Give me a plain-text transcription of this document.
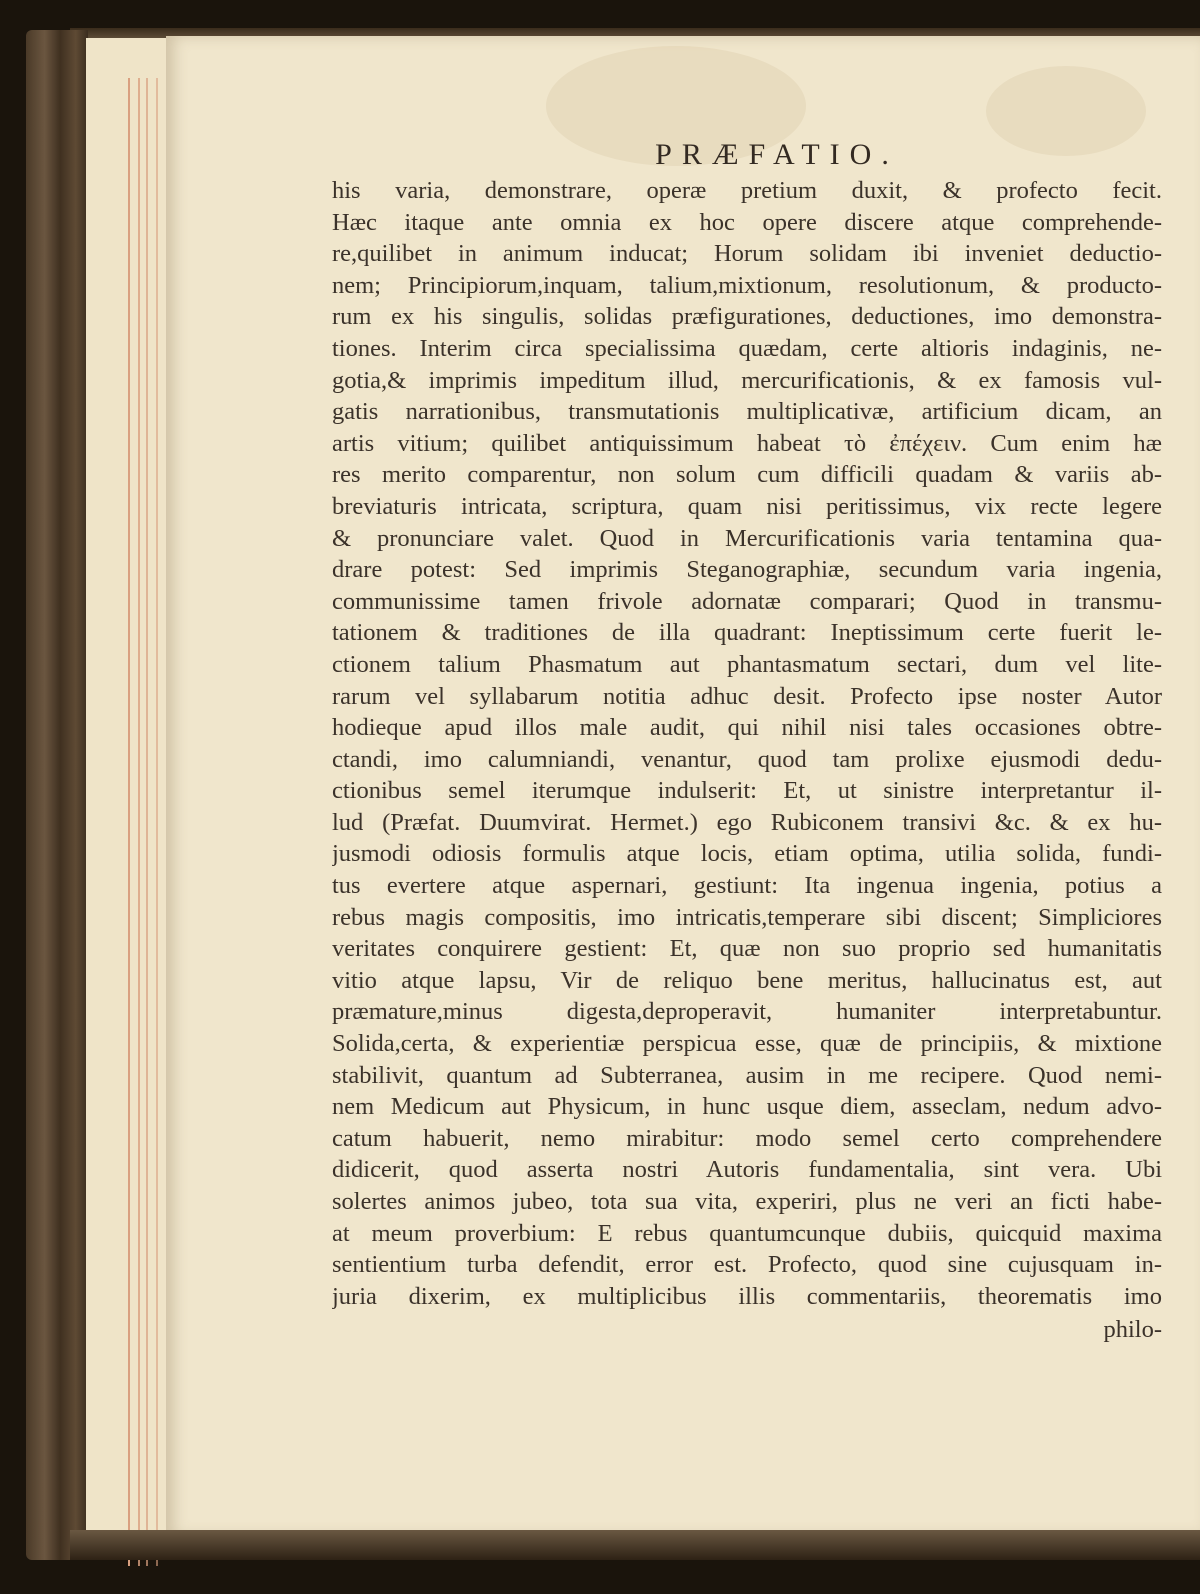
PRÆFATIO.
his varia, demonstrare, operæ pretium duxit, & profecto fecit.
Hæc itaque ante omnia ex hoc opere discere atque comprehende-
re,quilibet in animum inducat; Horum solidam ibi inveniet deductio-
nem; Principiorum,inquam, talium,mixtionum, resolutionum, & producto-
rum ex his singulis, solidas præfigurationes, deductiones, imo demonstra-
tiones. Interim circa specialissima quædam, certe altioris indaginis, ne-
gotia,& imprimis impeditum illud, mercurificationis, & ex famosis vul-
gatis narrationibus, transmutationis multiplicativæ, artificium dicam, an
artis vitium; quilibet antiquissimum habeat τὸ ἐπέχειν. Cum enim hæ
res merito comparentur, non solum cum difficili quadam & variis ab-
breviaturis intricata, scriptura, quam nisi peritissimus, vix recte legere
& pronunciare valet. Quod in Mercurificationis varia tentamina qua-
drare potest: Sed imprimis Steganographiæ, secundum varia ingenia,
communissime tamen frivole adornatæ comparari; Quod in transmu-
tationem & traditiones de illa quadrant: Ineptissimum certe fuerit le-
ctionem talium Phasmatum aut phantasmatum sectari, dum vel lite-
rarum vel syllabarum notitia adhuc desit. Profecto ipse noster Autor
hodieque apud illos male audit, qui nihil nisi tales occasiones obtre-
ctandi, imo calumniandi, venantur, quod tam prolixe ejusmodi dedu-
ctionibus semel iterumque indulserit: Et, ut sinistre interpretantur il-
lud (Præfat. Duumvirat. Hermet.) ego Rubiconem transivi &c. & ex hu-
jusmodi odiosis formulis atque locis, etiam optima, utilia solida, fundi-
tus evertere atque aspernari, gestiunt: Ita ingenua ingenia, potius a
rebus magis compositis, imo intricatis,temperare sibi discent; Simpliciores
veritates conquirere gestient: Et, quæ non suo proprio sed humanitatis
vitio atque lapsu, Vir de reliquo bene meritus, hallucinatus est, aut
præmature,minus digesta,deproperavit, humaniter interpretabuntur.
Solida,certa, & experientiæ perspicua esse, quæ de principiis, & mixtione
stabilivit, quantum ad Subterranea, ausim in me recipere. Quod nemi-
nem Medicum aut Physicum, in hunc usque diem, asseclam, nedum advo-
catum habuerit, nemo mirabitur: modo semel certo comprehendere
didicerit, quod asserta nostri Autoris fundamentalia, sint vera. Ubi
solertes animos jubeo, tota sua vita, experiri, plus ne veri an ficti habe-
at meum proverbium: E rebus quantumcunque dubiis, quicquid maxima
sentientium turba defendit, error est. Profecto, quod sine cujusquam in-
juria dixerim, ex multiplicibus illis commentariis, theorematis imo
philo-
